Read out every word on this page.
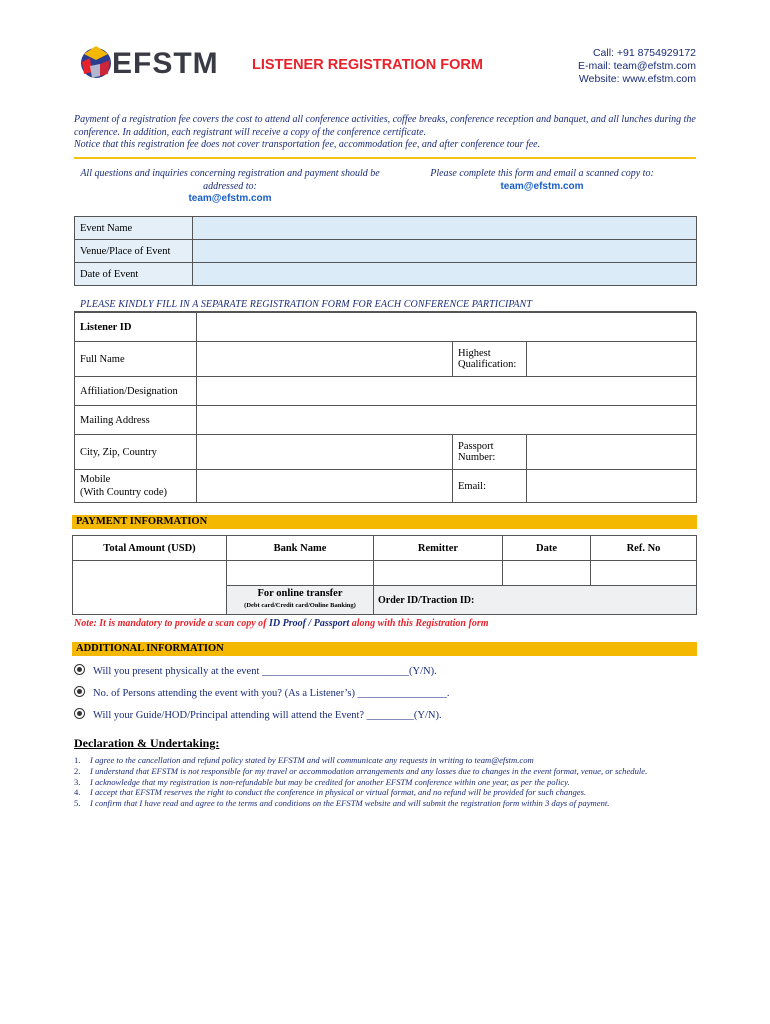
EFSTM LISTENER REGISTRATION FORM
Call: +91 8754929172
E-mail: team@efstm.com
Website: www.efstm.com
Payment of a registration fee covers the cost to attend all conference activities, coffee breaks, conference reception and banquet, and all lunches during the conference. In addition, each registrant will receive a copy of the conference certificate.
Notice that this registration fee does not cover transportation fee, accommodation fee, and after conference tour fee.
All questions and inquiries concerning registration and payment should be addressed to:
team@efstm.com
Please complete this form and email a scanned copy to:
team@efstm.com
Event Name	
Venue/Place of Event	
Date of Event	
PLEASE KINDLY FILL IN A SEPARATE REGISTRATION FORM FOR EACH CONFERENCE PARTICIPANT
Listener ID			
Full Name		Highest Qualification:	
Affiliation/Designation			
Mailing Address			
City, Zip, Country		Passport Number:	

Mobile
(With Country code)		Email:	
PAYMENT INFORMATION
Total Amount (USD)	Bank Name	Remitter	Date	Ref. No

	For online transfer
(Debt card/Credit card/Online Banking)	Order ID/Traction ID:		
Note: It is mandatory to provide a scan copy of ID Proof / Passport along with this Registration form
ADDITIONAL INFORMATION
Will you present physically at the event ____________________________(Y/N).
No. of Persons attending the event with you? (As a Listener’s) _________________.
Will your Guide/HOD/Principal attending will attend the Event? _________(Y/N).
Declaration & Undertaking:
1.	I agree to the cancellation and refund policy stated by EFSTM and will communicate any requests in writing to team@efstm.com
2.	I understand that EFSTM is not responsible for my travel or accommodation arrangements and any losses due to changes in the event format, venue, or schedule.
3.	I acknowledge that my registration is non-refundable but may be credited for another EFSTM conference within one year, as per the policy.
4.	I accept that EFSTM reserves the right to conduct the conference in physical or virtual format, and no refund will be provided for such changes.
5.	I confirm that I have read and agree to the terms and conditions on the EFSTM website and will submit the registration form within 3 days of payment.
